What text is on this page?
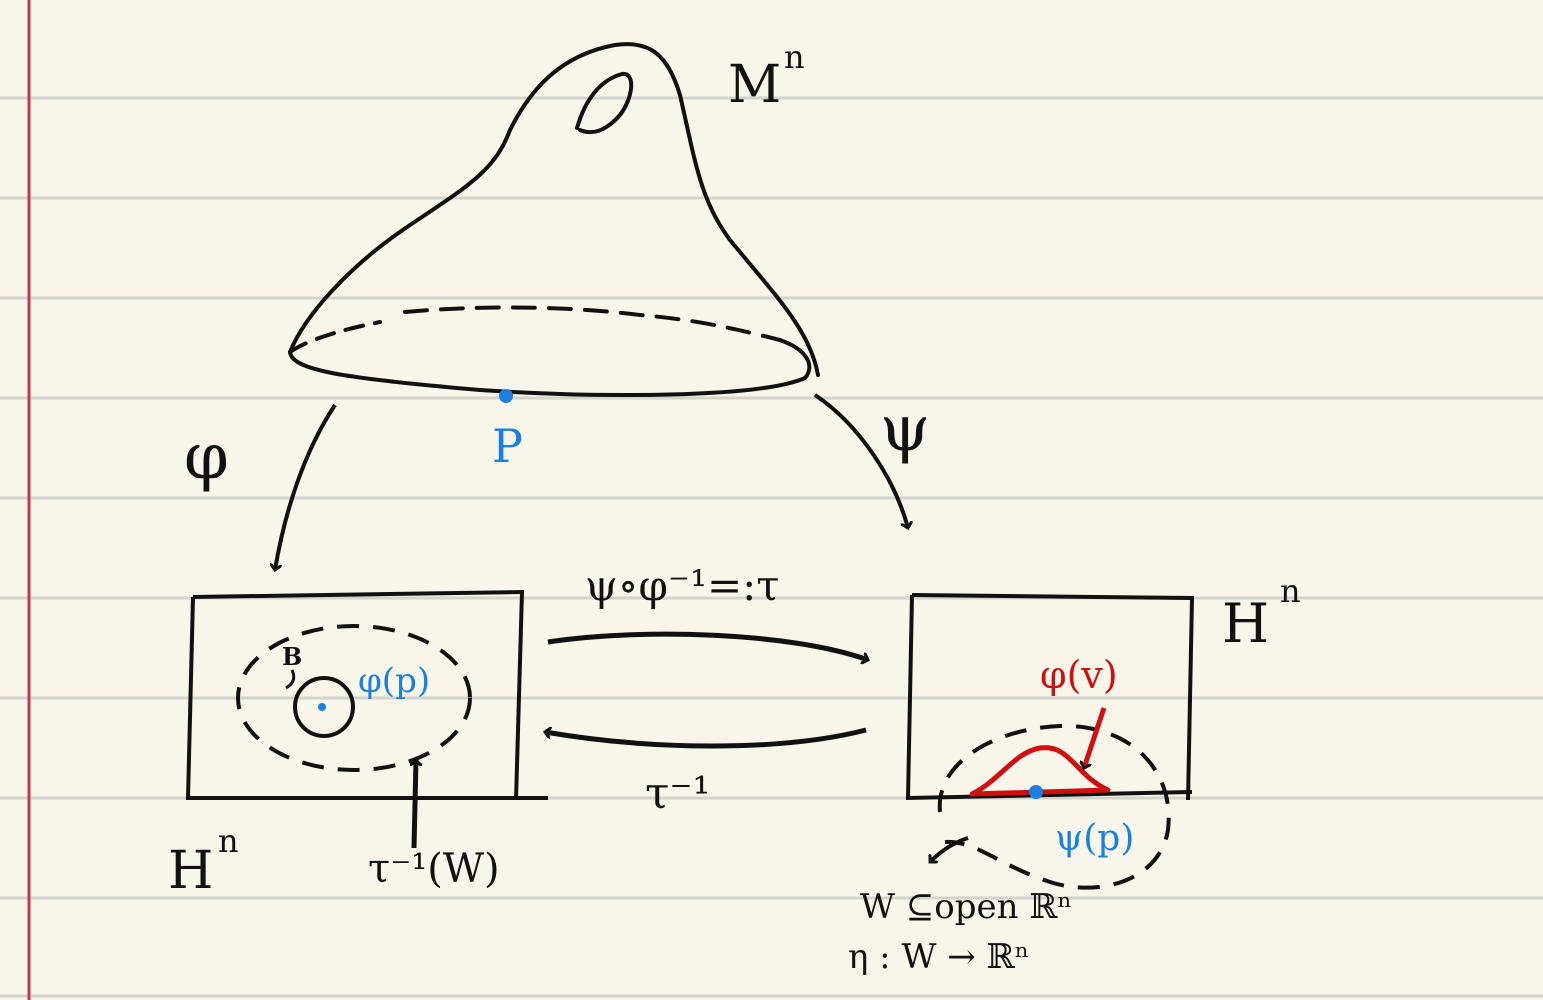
M n
P
φ	ψ
ψ∘φ⁻¹=:τ
τ⁻¹
H n
B
φ(p)
τ⁻¹(W)
H
n
φ(v)
ψ(p)
W ⊆open ℝⁿ
η : W → ℝⁿ
